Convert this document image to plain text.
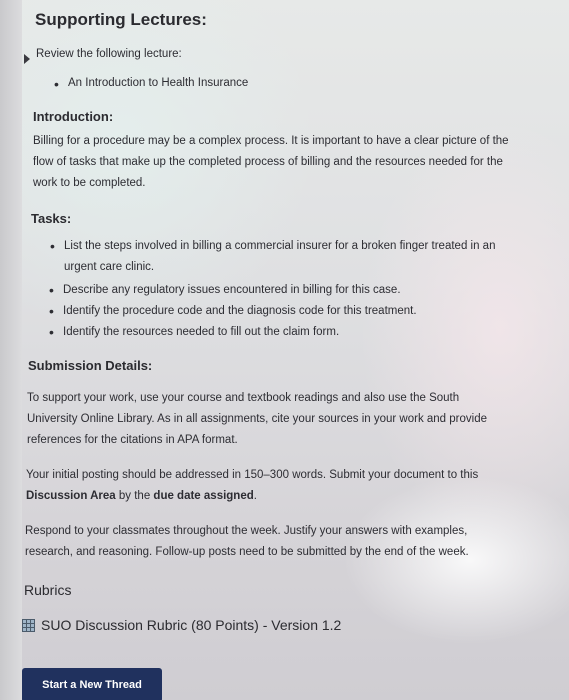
Supporting Lectures:
Review the following lecture:
• An Introduction to Health Insurance
Introduction:
Billing for a procedure may be a complex process. It is important to have a clear picture of the
flow of tasks that make up the completed process of billing and the resources needed for the
work to be completed.
Tasks:
• List the steps involved in billing a commercial insurer for a broken finger treated in an
urgent care clinic.
• Describe any regulatory issues encountered in billing for this case.
• Identify the procedure code and the diagnosis code for this treatment.
• Identify the resources needed to fill out the claim form.
Submission Details:
To support your work, use your course and textbook readings and also use the South
University Online Library. As in all assignments, cite your sources in your work and provide
references for the citations in APA format.
Your initial posting should be addressed in 150–300 words. Submit your document to this
Discussion Area by the due date assigned.
Respond to your classmates throughout the week. Justify your answers with examples,
research, and reasoning. Follow-up posts need to be submitted by the end of the week.
Rubrics
SUO Discussion Rubric (80 Points) - Version 1.2
Start a New Thread
